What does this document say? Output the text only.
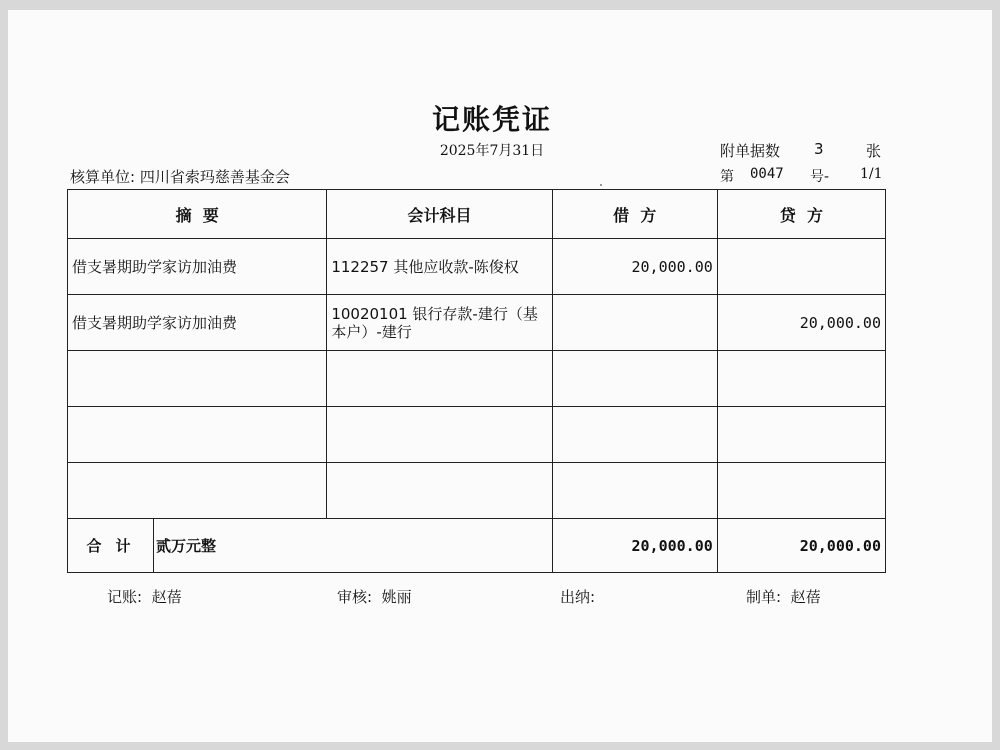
记账凭证
2025年7月31日	附单据数 3	张
核算单位: 四川省索玛慈善基金会	第 0047 号- 1/1
摘  要	会计科目	借  方	贷  方
借支暑期助学家访加油费	112257 其他应收款-陈俊权	20,000.00	
借支暑期助学家访加油费	10020101 银行存款-建行（基本户）-建行		20,000.00

合计 贰万元整		20,000.00	20,000.00
记账:  赵蓓	审核:  姚丽	出纳:	制单:  赵蓓
